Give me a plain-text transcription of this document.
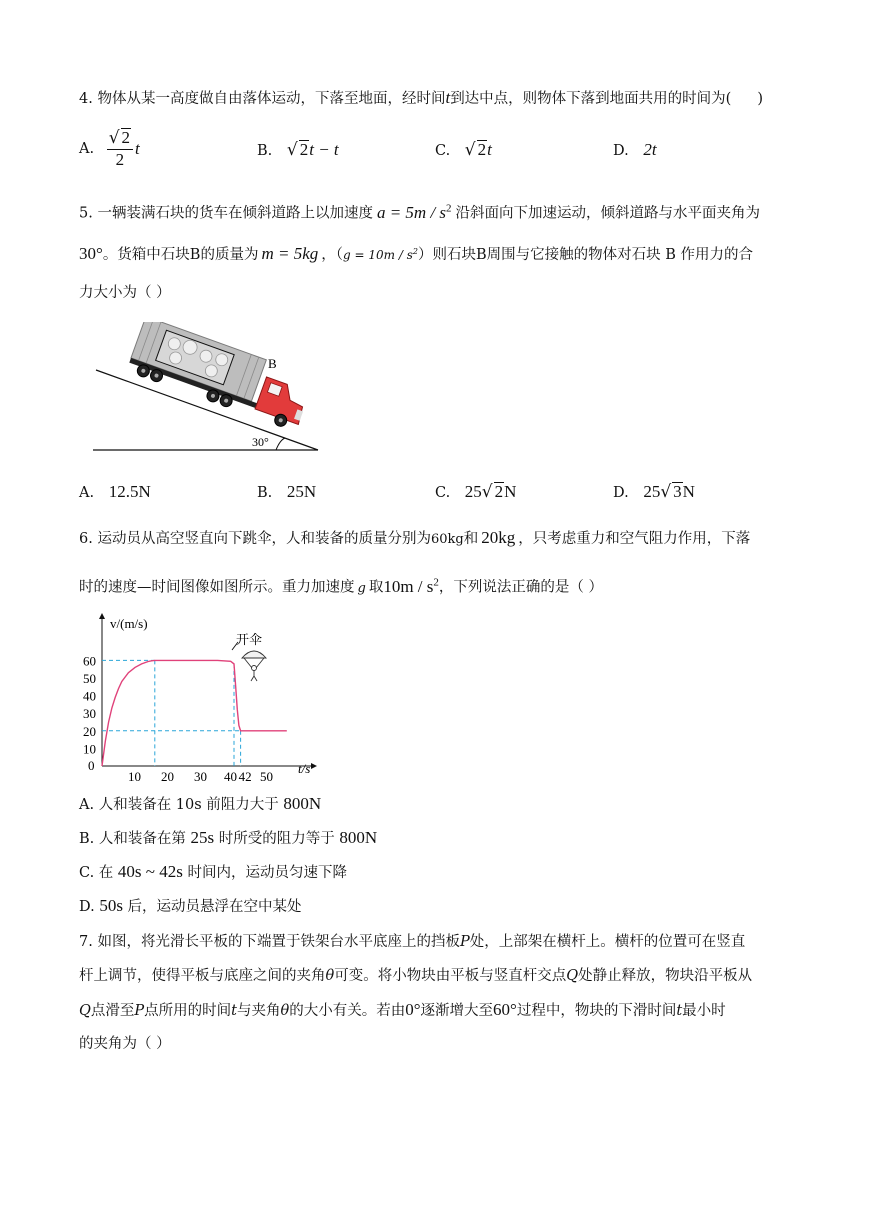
4. 物体从某一高度做自由落体运动，下落至地面，经时间t到达中点，则物体下落到地面共用的时间为( )
A. $\frac{√ 2}{2}$ t	B. √ 2t − t	C. √ 2t	D. 2t
5. 一辆装满石块的货车在倾斜道路上以加速度 $a = 5m / s^2$ 沿斜面向下加速运动，倾斜道路与水平面夹角为
30°。货箱中石块B的质量为 m = 5kg ，$(g = 10m / s^2)$则石块B周围与它接触的物体对石块 B 作用力的合
力大小为（ ）
B
30°
A. 12.5N	B. 25N	C. 25√ 2N	D. 25√ 3N
6. 运动员从高空竖直向下跳伞，人和装备的质量分别为60kg和 20kg ，只考虑重力和空气阻力作用，下落
时的速度—时间图像如图所示。重力加速度 g 取$10m / s^2$，下列说法正确的是（ ）
v/(m/s)
t/s
60
50
40
30
20
10
0
10 20 30 40 42 50
开伞
A. 人和装备在 10s 前阻力大于 800N
B. 人和装备在第 25s 时所受的阻力等于 800N
C. 在 40s ~ 42s 时间内，运动员匀速下降
D. 50s 后，运动员悬浮在空中某处
7. 如图，将光滑长平板的下端置于铁架台水平底座上的挡板P处，上部架在横杆上。横杆的位置可在竖直
杆上调节，使得平板与底座之间的夹角θ可变。将小物块由平板与竖直杆交点Q处静止释放，物块沿平板从
Q点滑至P点所用的时间t与夹角θ的大小有关。若由0°逐渐增大至60°过程中，物块的下滑时间t最小时
的夹角为（ ）
